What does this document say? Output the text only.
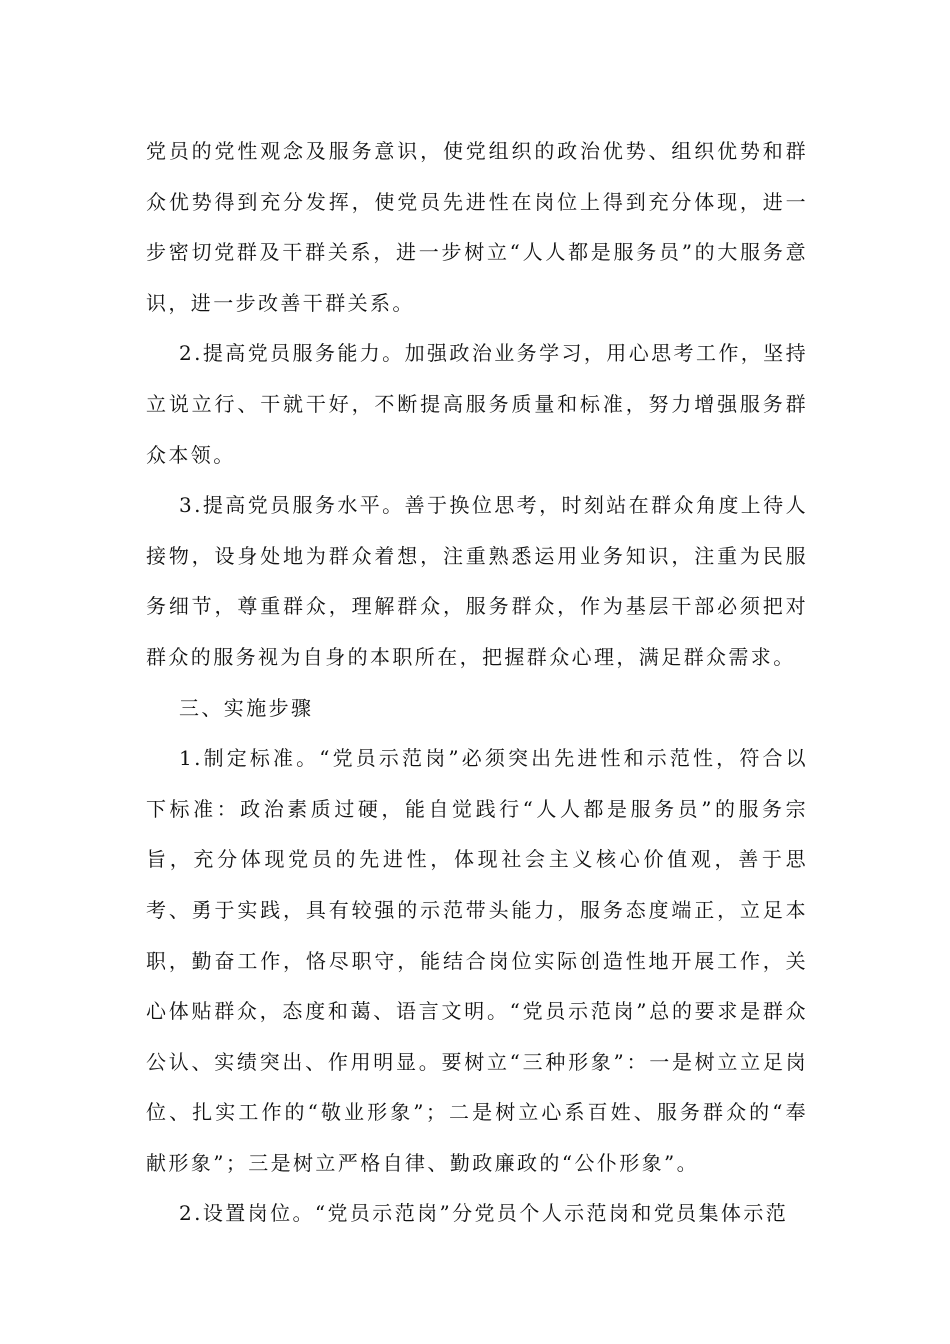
党员的党性观念及服务意识，使党组织的政治优势、组织优势和群众优势得到充分发挥，使党员先进性在岗位上得到充分体现，进一步密切党群及干群关系，进一步树立“人人都是服务员”的大服务意识，进一步改善干群关系。

2.提高党员服务能力。加强政治业务学习，用心思考工作，坚持立说立行、干就干好，不断提高服务质量和标准，努力增强服务群众本领。

3.提高党员服务水平。善于换位思考，时刻站在群众角度上待人接物，设身处地为群众着想，注重熟悉运用业务知识，注重为民服务细节，尊重群众，理解群众，服务群众，作为基层干部必须把对群众的服务视为自身的本职所在，把握群众心理，满足群众需求。

三、实施步骤

1.制定标准。“党员示范岗”必须突出先进性和示范性，符合以下标准：政治素质过硬，能自觉践行“人人都是服务员”的服务宗旨，充分体现党员的先进性，体现社会主义核心价值观，善于思考、勇于实践，具有较强的示范带头能力，服务态度端正，立足本职，勤奋工作，恪尽职守，能结合岗位实际创造性地开展工作，关心体贴群众，态度和蔼、语言文明。“党员示范岗”总的要求是群众公认、实绩突出、作用明显。要树立“三种形象”：一是树立立足岗位、扎实工作的“敬业形象”；二是树立心系百姓、服务群众的“奉献形象”；三是树立严格自律、勤政廉政的“公仆形象”。

2.设置岗位。“党员示范岗”分党员个人示范岗和党员集体示范
